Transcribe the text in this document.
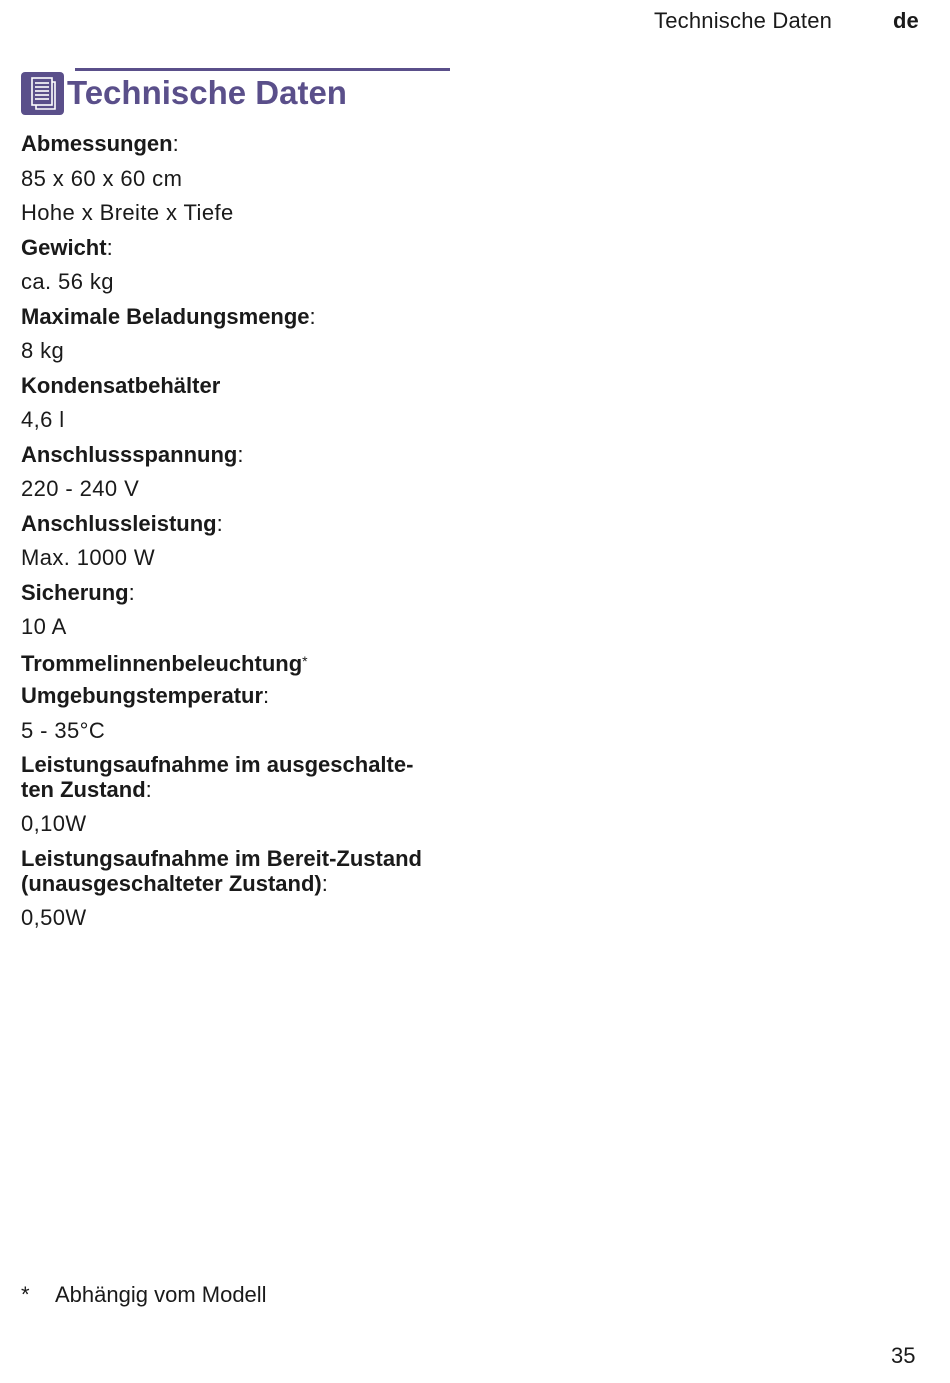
Technische Daten	de
Technische Daten
Abmessungen:
85 x 60 x 60 cm
Hohe x Breite x Tiefe
Gewicht:
ca. 56 kg
Maximale Beladungsmenge:
8 kg
Kondensatbehälter
4,6 l
Anschlussspannung:
220 - 240 V
Anschlussleistung:
Max. 1000 W
Sicherung:
10 A
Trommelinnenbeleuchtung*
Umgebungstemperatur:
5 - 35°C
Leistungsaufnahme im ausgeschalte-
ten Zustand:
0,10W
Leistungsaufnahme im Bereit-Zustand
(unausgeschalteter Zustand):
0,50W
* Abhängig vom Modell
35
